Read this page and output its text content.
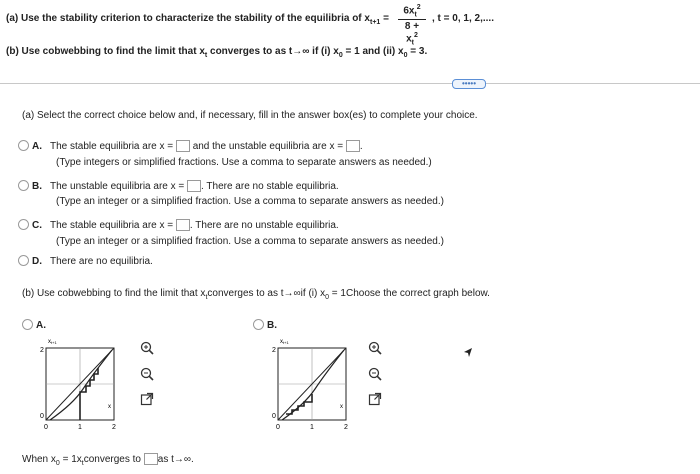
(a) Use the stability criterion to characterize the stability of the equilibria of $x_{t+1} = \frac{6x_t^2}{8 + x_t^2}$ , t = 0, 1, 2,....
(b) Use cobwebbing to find the limit that $x_t$ converges to as t→∞ if (i) $x_0 = 1$ and (ii) $x_0 = 3$.
•••••
(a) Select the correct choice below and, if necessary, fill in the answer box(es) to complete your choice.
A. The stable equilibria are x = and the unstable equilibria are x = .
(Type integers or simplified fractions. Use a comma to separate answers as needed.)
B. The unstable equilibria are x = . There are no stable equilibria.
(Type an integer or a simplified fraction. Use a comma to separate answers as needed.)
C. The stable equilibria are x = . There are no unstable equilibria.
(Type an integer or a simplified fraction. Use a comma to separate answers as needed.)
D. There are no equilibria.
(b) Use cobwebbing to find the limit that $x_tconverges$ to as t→∞if (i) $x_0$ = 1Choose the correct graph below.
A.
xt+1
2
0
x
0	1	2
B.
xt+1
2
0
x
0	1	2
When $x_0$ = $1x_tconverges$ to as t→∞.
